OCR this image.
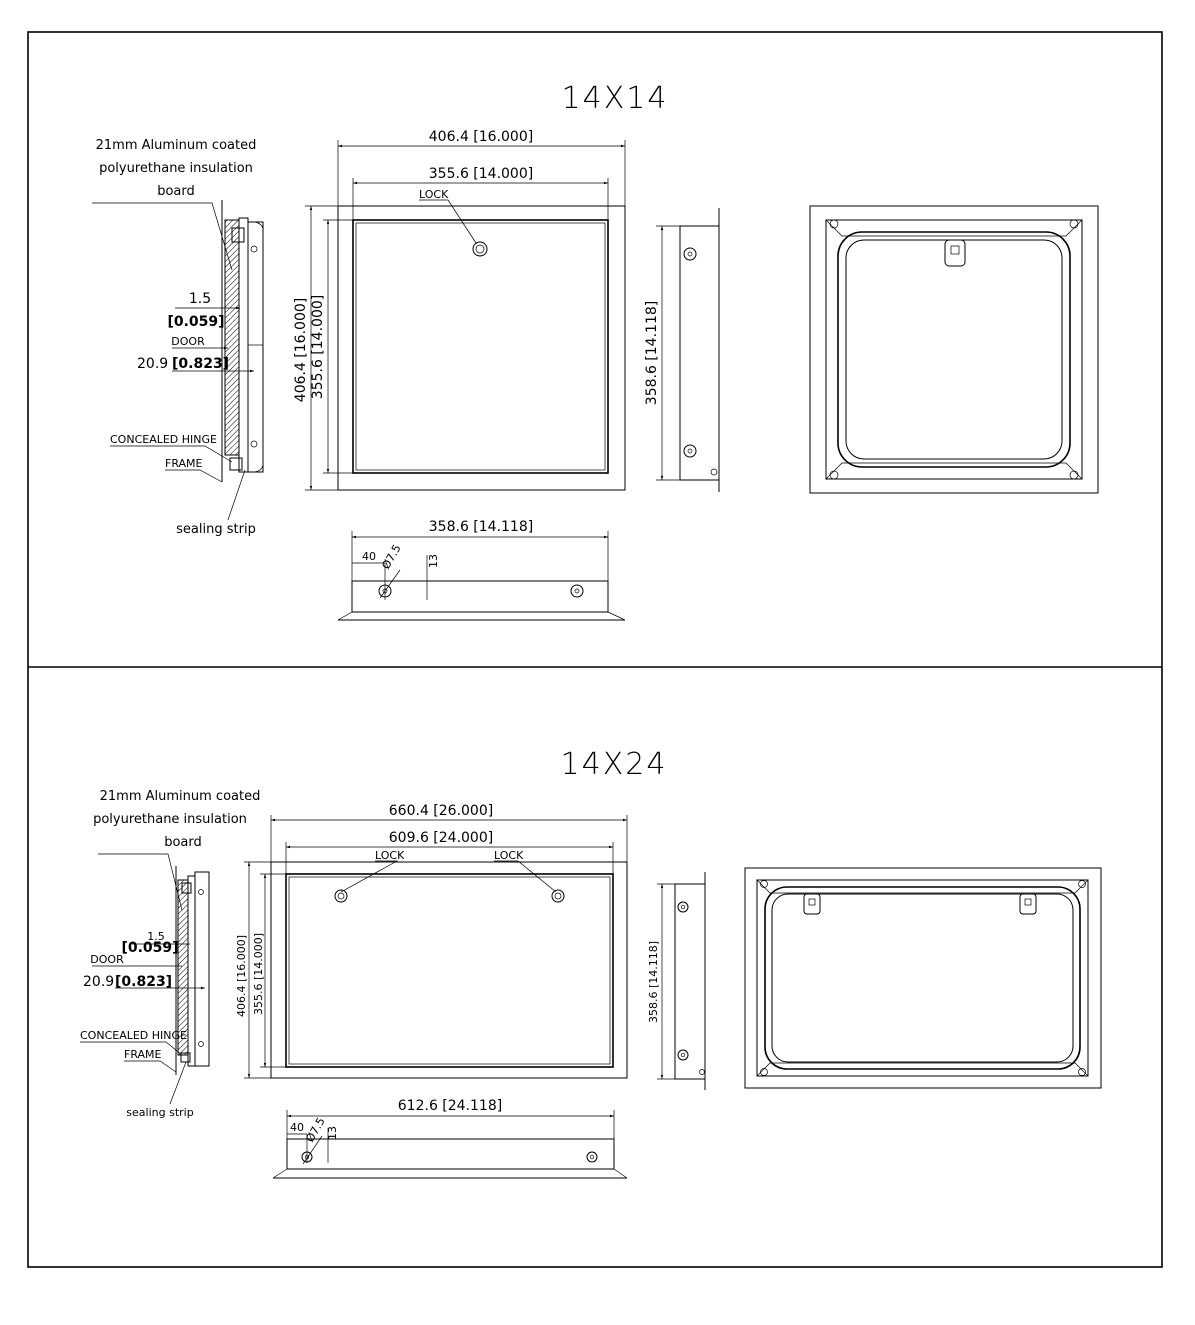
14X14
21mm Aluminum coated
polyurethane insulation
board
1.5
[0.059]
DOOR
20.9 [0.823]
CONCEALED HINGE
FRAME
sealing strip
406.4 [16.000]
355.6 [14.000]
LOCK
406.4 [16.000] 355.6 [14.000]	358.6 [14.118]
358.6 [14.118]
40 Ø7.5 13
14X24
21mm Aluminum coated
polyurethane insulation
board
1.5
[0.059]
DOOR
20.9 [0.823]
CONCEALED HINGE
FRAME
sealing strip
660.4 [26.000]
609.6 [24.000]
LOCK	LOCK
406.4 [16.000] 355.6 [14.000]	358.6 [14.118]
612.6 [24.118]
40 Ø7.5
13
